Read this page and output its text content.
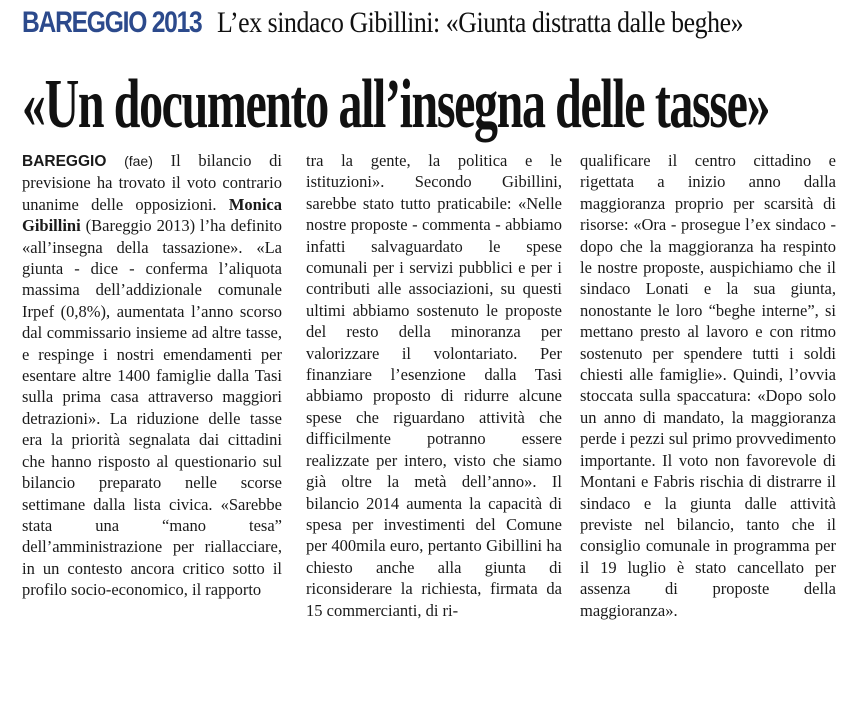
BAREGGIO 2013 L’ex sindaco Gibillini: «Giunta distratta dalle beghe»
«Un documento all’insegna delle tasse»

BAREGGIO (fae) Il bilancio di previsione ha trovato il voto contrario unanime delle opposizioni. Monica Gibillini (Bareggio 2013) l’ha definito «all’insegna della tassazione». «La giunta - dice - conferma l’aliquota massima dell’addizionale comunale Irpef (0,8%), aumentata l’anno scorso dal commissario insieme ad altre tasse, e respinge i nostri emendamenti per esentare altre 1400 famiglie dalla Tasi sulla prima casa attraverso maggiori detrazioni». La riduzione delle tasse era la priorità segnalata dai cittadini che hanno risposto al questionario sul bilancio preparato nelle scorse settimane dalla lista civica. «Sarebbe stata una “mano tesa” dell’amministrazione per riallacciare, in un contesto ancora critico sotto il profilo socio-economico, il rapporto

tra la gente, la politica e le istituzioni». Secondo Gibillini, sarebbe stato tutto praticabile: «Nelle nostre proposte - commenta - abbiamo infatti salvaguardato le spese comunali per i servizi pubblici e per i contributi alle associazioni, su questi ultimi abbiamo sostenuto le proposte del resto della minoranza per valorizzare il volontariato. Per finanziare l’esenzione dalla Tasi abbiamo proposto di ridurre alcune spese che riguardano attività che difficilmente potranno essere realizzate per intero, visto che siamo già oltre la metà dell’anno». Il bilancio 2014 aumenta la capacità di spesa per investimenti del Comune per 400mila euro, pertanto Gibillini ha chiesto anche alla giunta di riconsiderare la richiesta, firmata da 15 commercianti, di ri-

qualificare il centro cittadino e rigettata a inizio anno dalla maggioranza proprio per scarsità di risorse: «Ora - prosegue l’ex sindaco - dopo che la maggioranza ha respinto le nostre proposte, auspichiamo che il sindaco Lonati e la sua giunta, nonostante le loro “beghe interne”, si mettano presto al lavoro e con ritmo sostenuto per spendere tutti i soldi chiesti alle famiglie». Quindi, l’ovvia stoccata sulla spaccatura: «Dopo solo un anno di mandato, la maggioranza perde i pezzi sul primo provvedimento importante. Il voto non favorevole di Montani e Fabris rischia di distrarre il sindaco e la giunta dalle attività previste nel bilancio, tanto che il consiglio comunale in programma per il 19 luglio è stato cancellato per assenza di proposte della maggioranza».
